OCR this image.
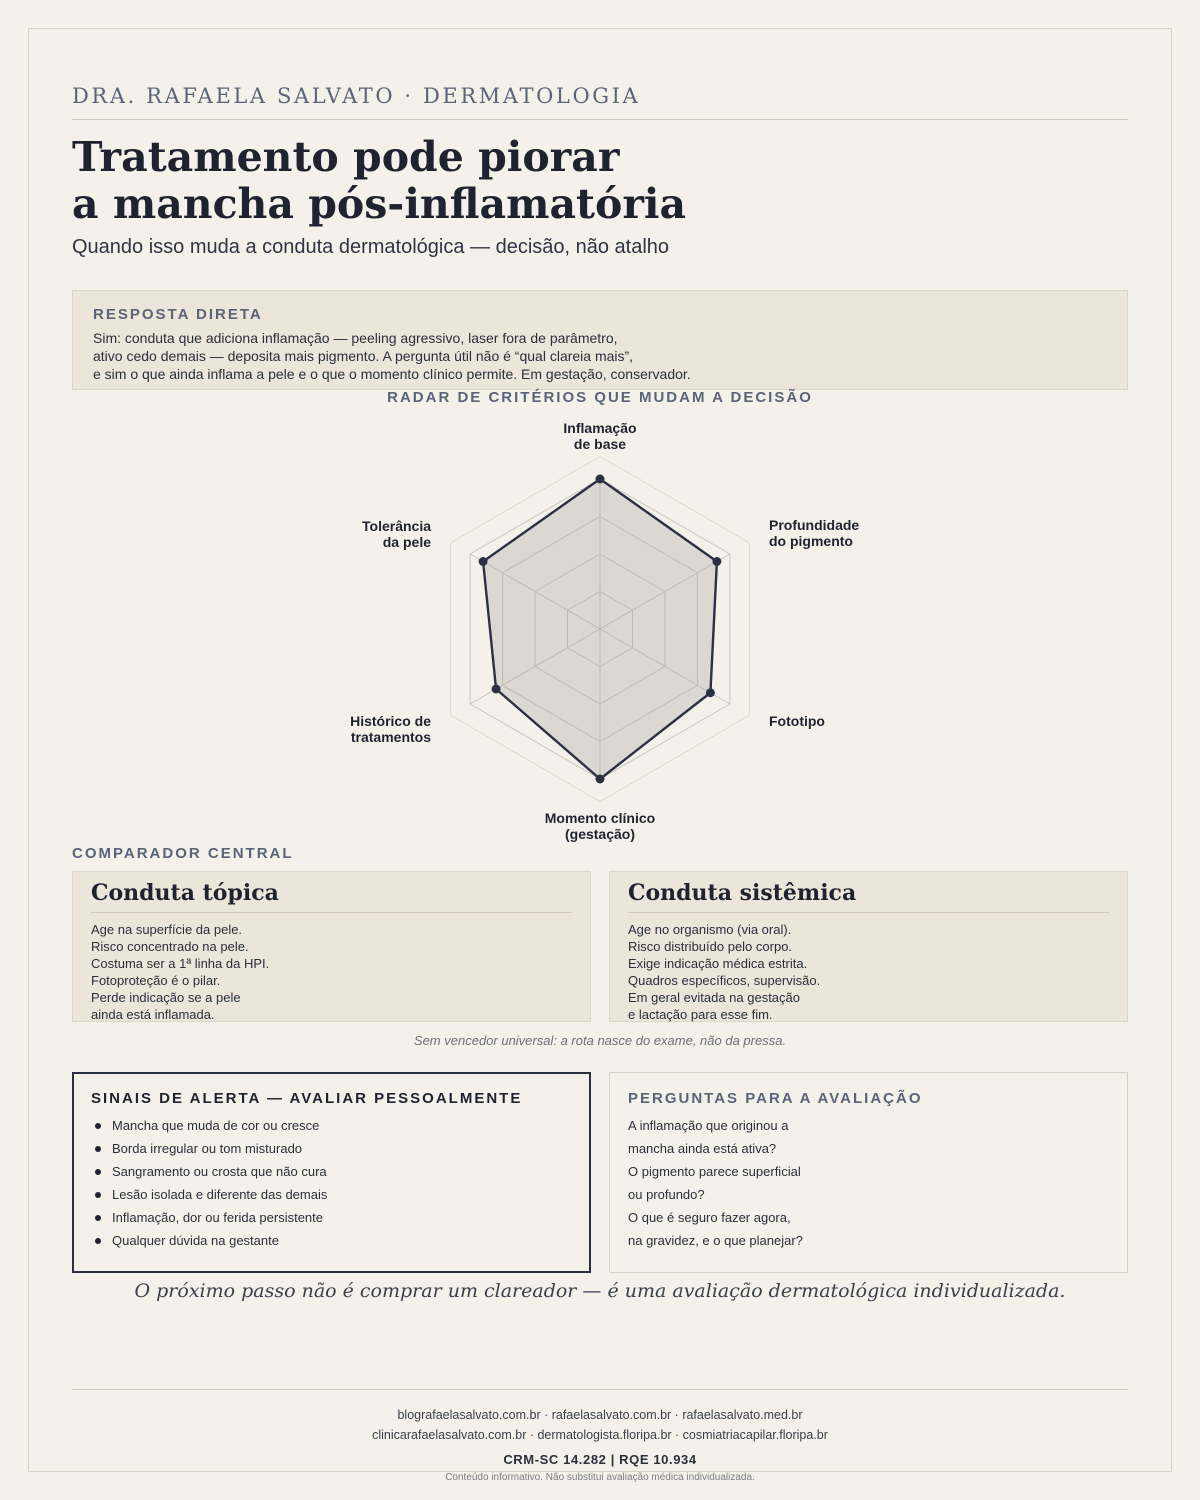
DRA. RAFAELA SALVATO · DERMATOLOGIA
Tratamento pode piorar
a mancha pós-inflamatória
Quando isso muda a conduta dermatológica — decisão, não atalho
RESPOSTA DIRETA
Sim: conduta que adiciona inflamação — peeling agressivo, laser fora de parâmetro,
ativo cedo demais — deposita mais pigmento. A pergunta útil não é “qual clareia mais”,
e sim o que ainda inflama a pele e o que o momento clínico permite. Em gestação, conservador.
RADAR DE CRITÉRIOS QUE MUDAM A DECISÃO
Inflamação
de base
Profundidade
do pigmento
Fototipo
Momento clínico
(gestação)
Histórico de
tratamentos
Tolerância
da pele
COMPARADOR CENTRAL
Conduta tópica
Age na superfície da pele.
Risco concentrado na pele.
Costuma ser a 1ª linha da HPI.
Fotoproteção é o pilar.
Perde indicação se a pele
ainda está inflamada.
Conduta sistêmica
Age no organismo (via oral).
Risco distribuído pelo corpo.
Exige indicação médica estrita.
Quadros específicos, supervisão.
Em geral evitada na gestação
e lactação para esse fim.
Sem vencedor universal: a rota nasce do exame, não da pressa.
SINAIS DE ALERTA — AVALIAR PESSOALMENTE
Mancha que muda de cor ou cresce
Borda irregular ou tom misturado
Sangramento ou crosta que não cura
Lesão isolada e diferente das demais
Inflamação, dor ou ferida persistente
Qualquer dúvida na gestante
PERGUNTAS PARA A AVALIAÇÃO
A inflamação que originou a
mancha ainda está ativa?
O pigmento parece superficial
ou profundo?
O que é seguro fazer agora,
na gravidez, e o que planejar?
O próximo passo não é comprar um clareador — é uma avaliação dermatológica individualizada.
blografaelasalvato.com.br · rafaelasalvato.com.br · rafaelasalvato.med.br
clinicarafaelasalvato.com.br · dermatologista.floripa.br · cosmiatriacapilar.floripa.br
CRM-SC 14.282 | RQE 10.934
Conteúdo informativo. Não substitui avaliação médica individualizada.
